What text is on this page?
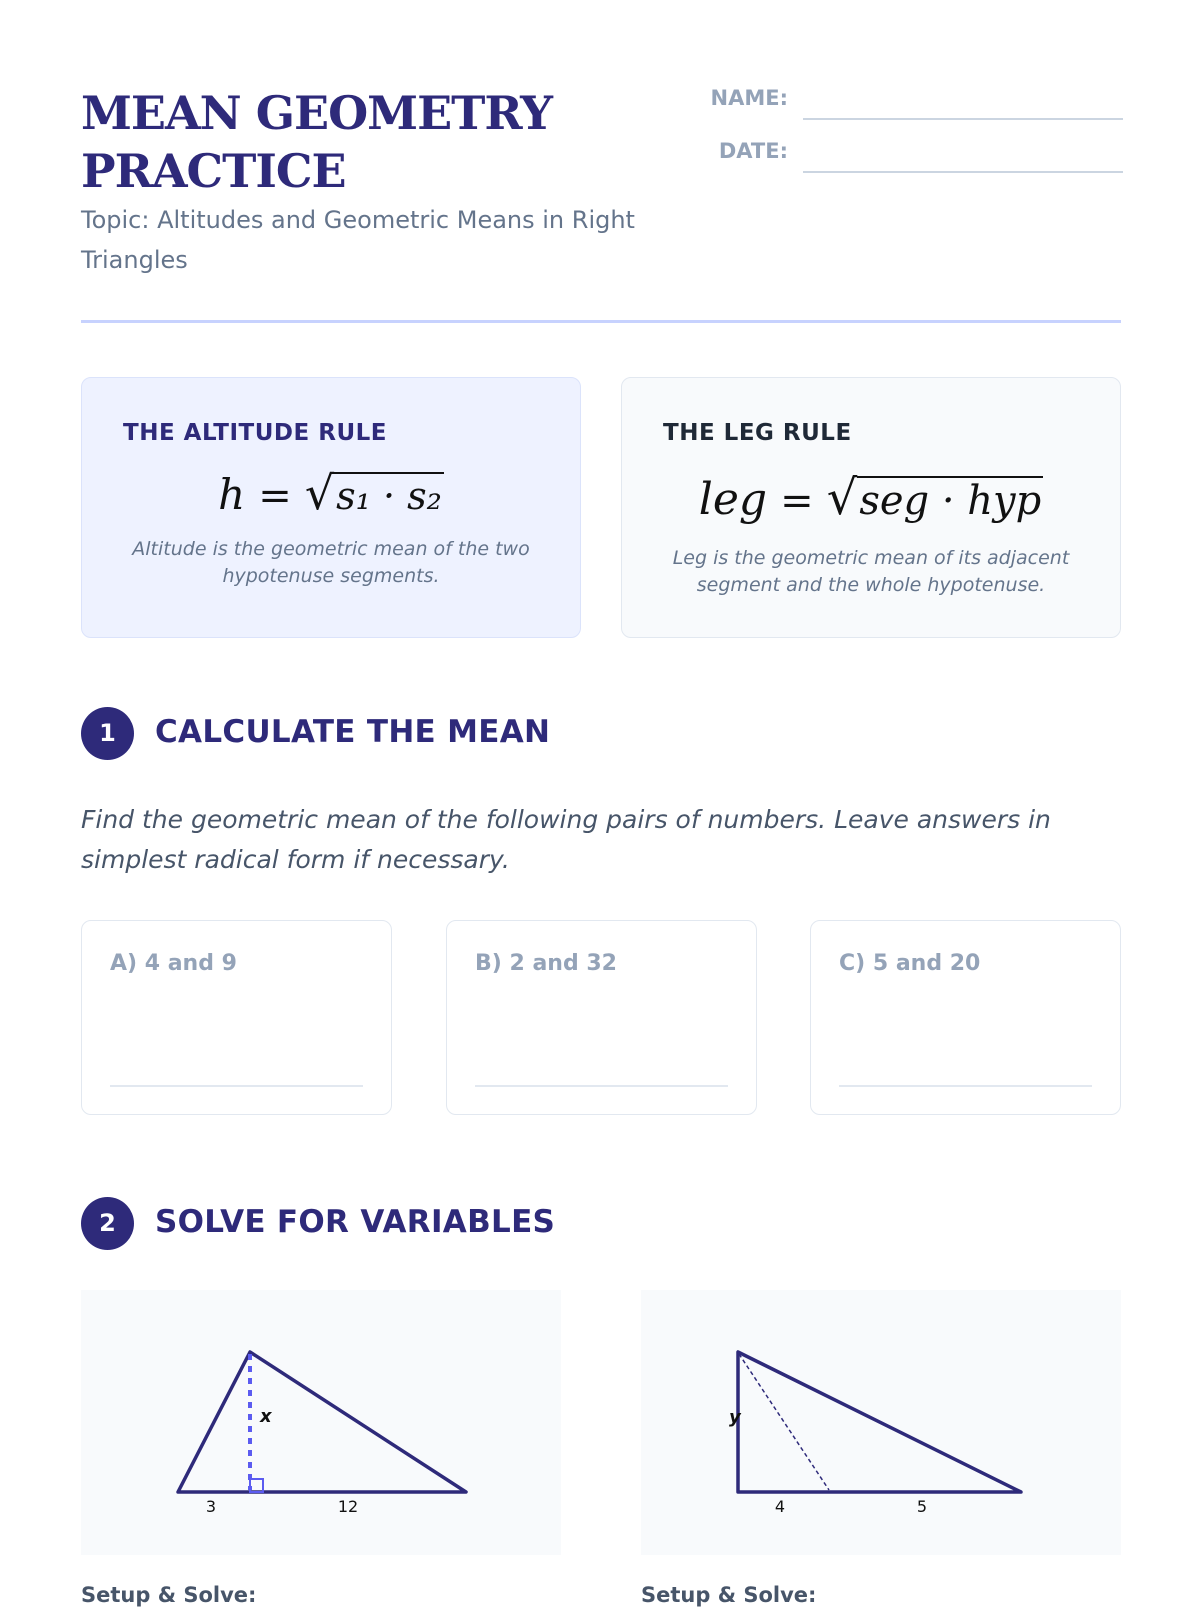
MEAN GEOMETRY
PRACTICE
Topic: Altitudes and Geometric Means in Right Triangles
NAME:
DATE:
THE ALTITUDE RULE
h = √s₁ · s₂
Altitude is the geometric mean of the two hypotenuse segments.
THE LEG RULE
leg = √seg · hyp
Leg is the geometric mean of its adjacent segment and the whole hypotenuse.
1	CALCULATE THE MEAN
Find the geometric mean of the following pairs of numbers. Leave answers in simplest radical form if necessary.
A) 4 and 9	B) 2 and 32	C) 5 and 20
2	SOLVE FOR VARIABLES
x
3	12
y
4	5
Setup & Solve:	Setup & Solve:
